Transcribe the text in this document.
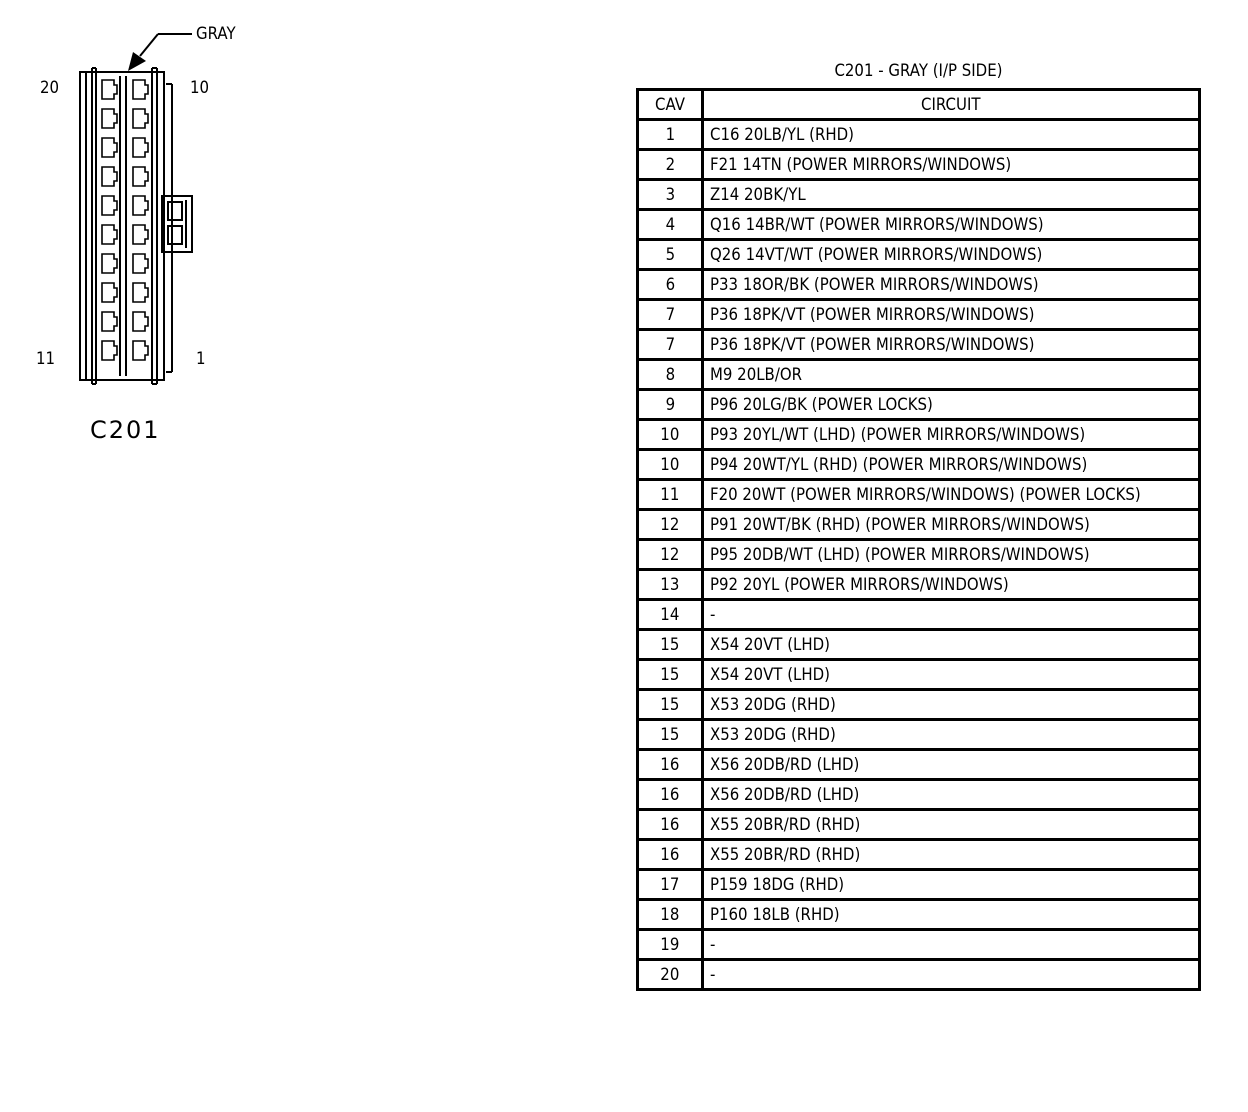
GRAY
20	10
11	1
C201
C201 - GRAY (I/P SIDE)
CAV	CIRCUIT
1	C16 20LB/YL (RHD)
2	F21 14TN (POWER MIRRORS/WINDOWS)
3	Z14 20BK/YL
4	Q16 14BR/WT (POWER MIRRORS/WINDOWS)
5	Q26 14VT/WT (POWER MIRRORS/WINDOWS)
6	P33 18OR/BK (POWER MIRRORS/WINDOWS)
7	P36 18PK/VT (POWER MIRRORS/WINDOWS)
7	P36 18PK/VT (POWER MIRRORS/WINDOWS)
8	M9 20LB/OR
9	P96 20LG/BK (POWER LOCKS)
10	P93 20YL/WT (LHD) (POWER MIRRORS/WINDOWS)
10	P94 20WT/YL (RHD) (POWER MIRRORS/WINDOWS)
11	F20 20WT (POWER MIRRORS/WINDOWS) (POWER LOCKS)
12	P91 20WT/BK (RHD) (POWER MIRRORS/WINDOWS)
12	P95 20DB/WT (LHD) (POWER MIRRORS/WINDOWS)
13	P92 20YL (POWER MIRRORS/WINDOWS)
14	-
15	X54 20VT (LHD)
15	X54 20VT (LHD)
15	X53 20DG (RHD)
15	X53 20DG (RHD)
16	X56 20DB/RD (LHD)
16	X56 20DB/RD (LHD)
16	X55 20BR/RD (RHD)
16	X55 20BR/RD (RHD)
17	P159 18DG (RHD)
18	P160 18LB (RHD)
19	-
20	-
